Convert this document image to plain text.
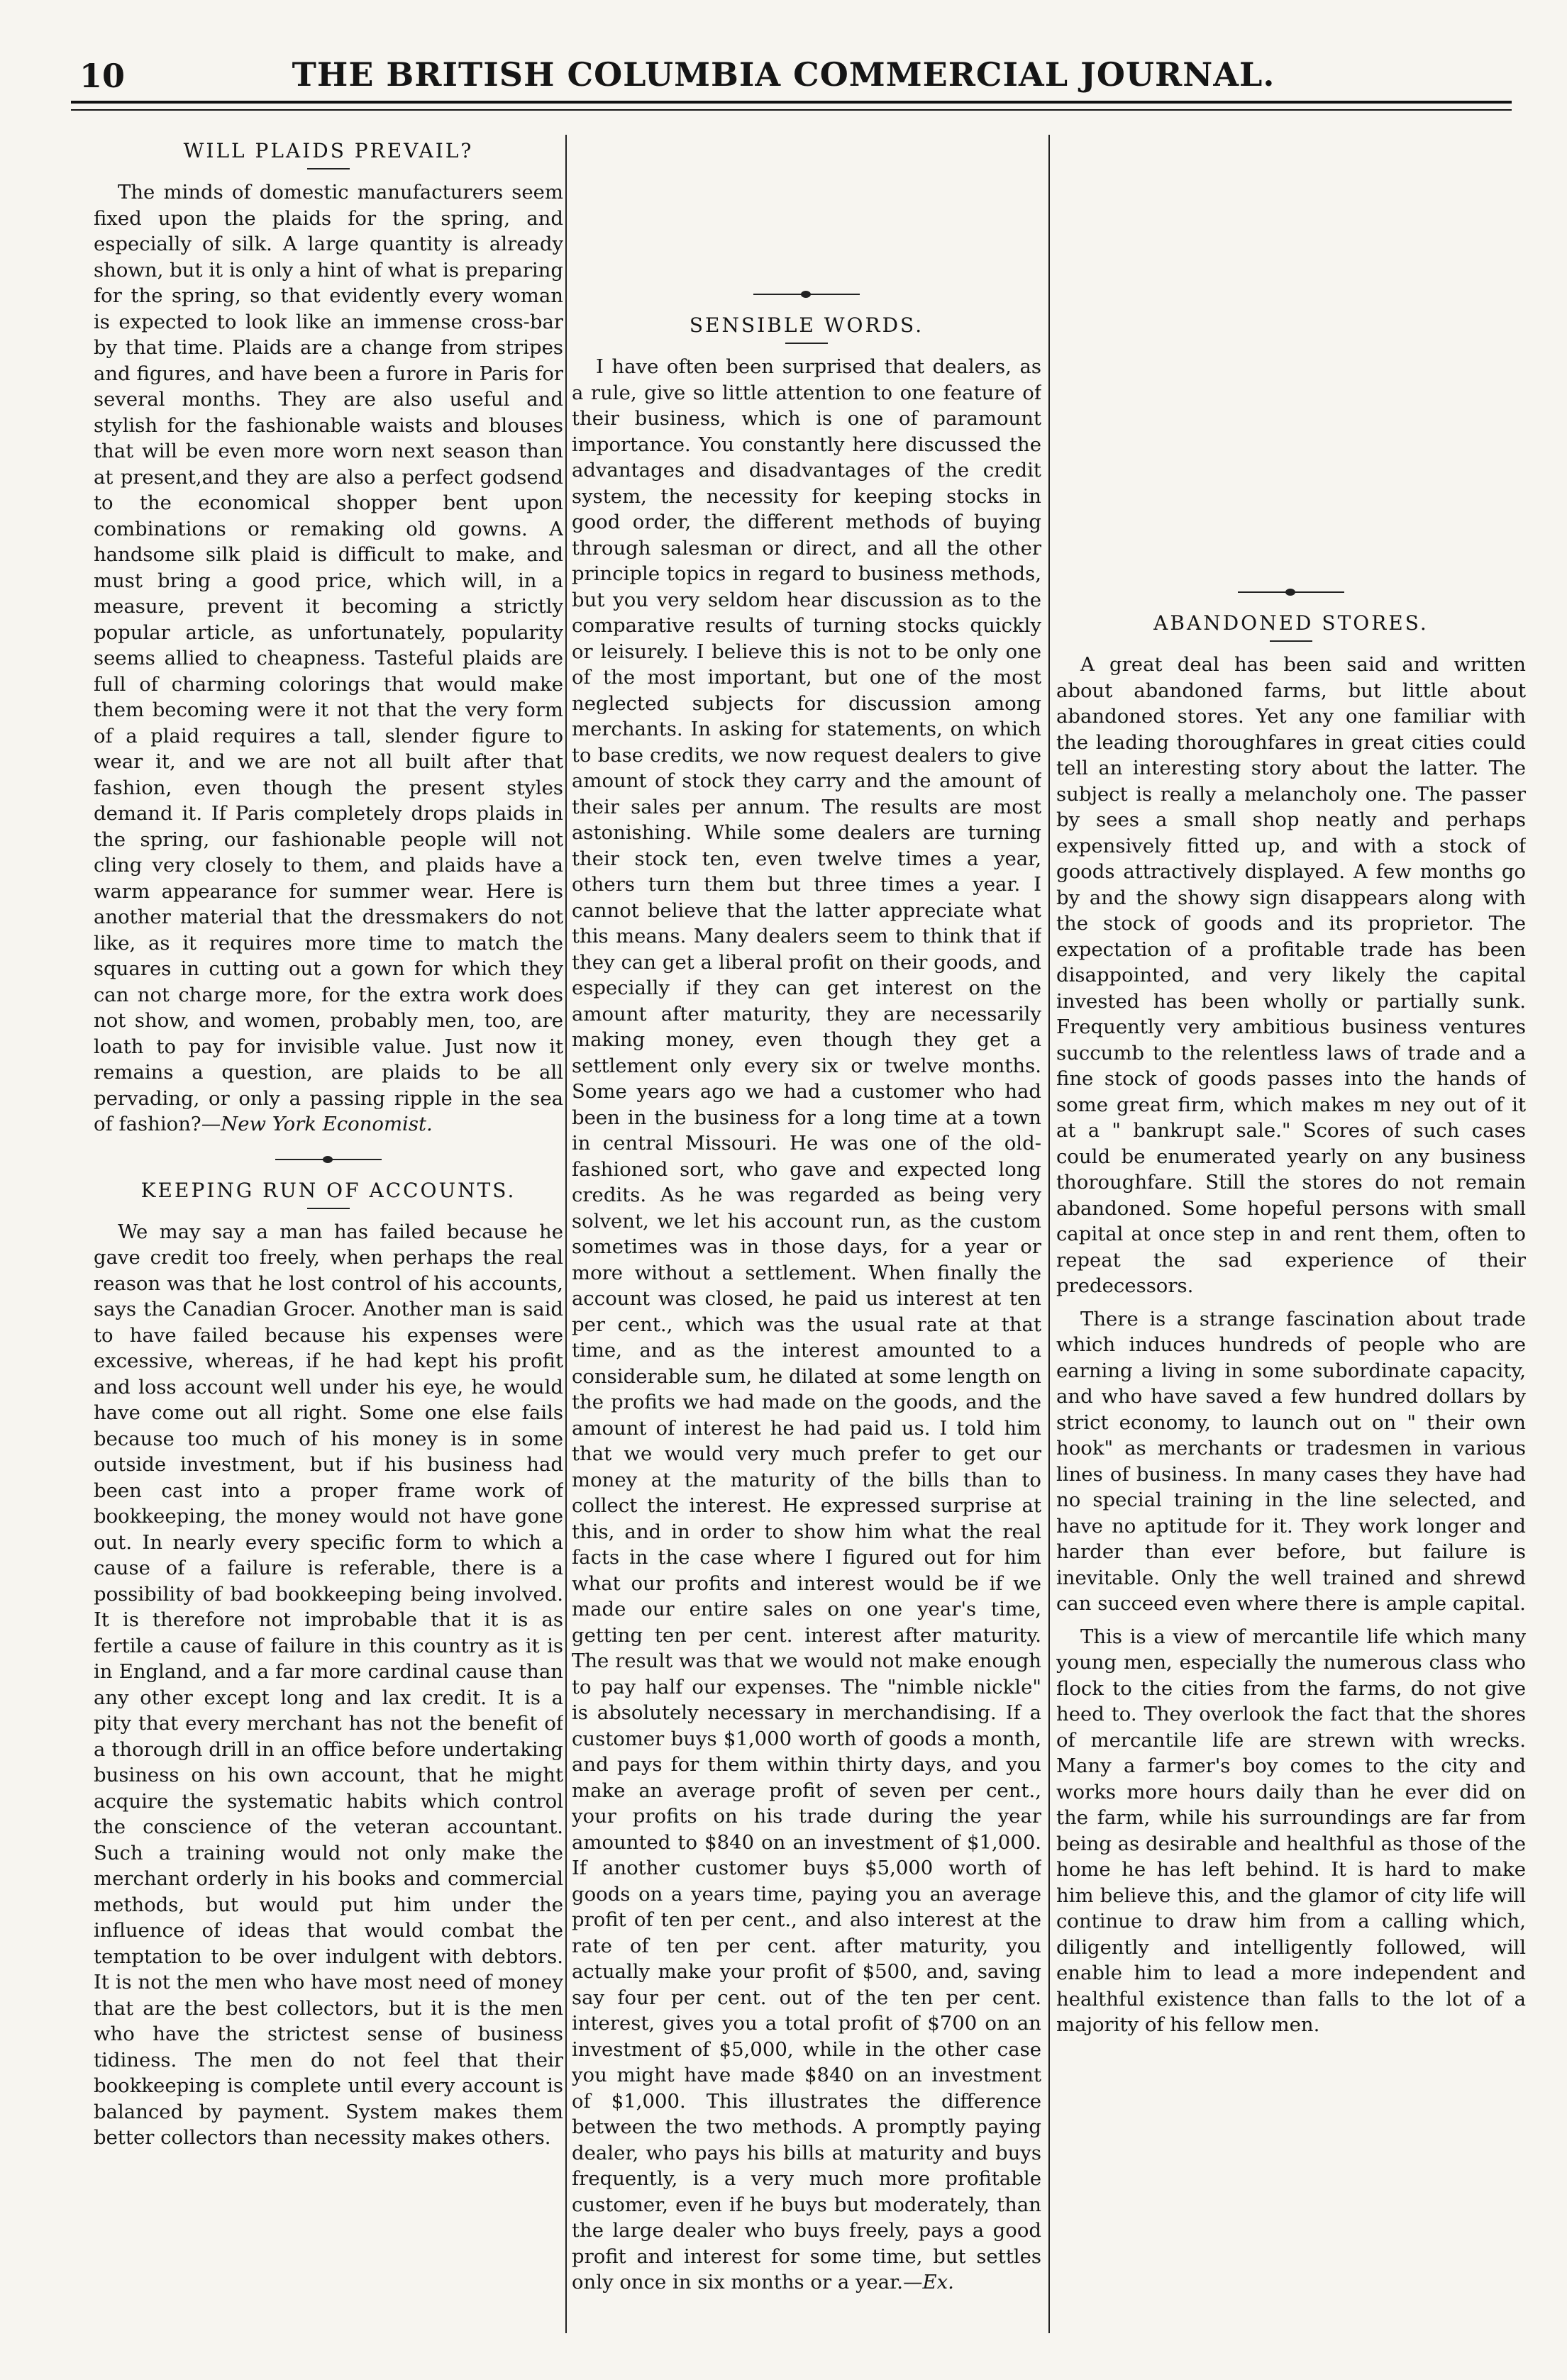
10	THE BRITISH COLUMBIA COMMERCIAL JOURNAL.
WILL PLAIDS PREVAIL?

The minds of domestic manufacturers seem fixed upon the plaids for the spring, and especially of silk. A large quantity is already shown, but it is only a hint of what is preparing for the spring, so that evidently every woman is expected to look like an immense cross-bar by that time. Plaids are a change from stripes and figures, and have been a furore in Paris for several months. They are also useful and stylish for the fashionable waists and blouses that will be even more worn next season than at present,and they are also a perfect godsend to the economical shopper bent upon combinations or remaking old gowns. A handsome silk plaid is difficult to make, and must bring a good price, which will, in a measure, prevent it becoming a strictly popular article, as unfortunately, popularity seems allied to cheapness. Tasteful plaids are full of charming colorings that would make them becoming were it not that the very form of a plaid requires a tall, slender figure to wear it, and we are not all built after that fashion, even though the present styles demand it. If Paris completely drops plaids in the spring, our fashionable people will not cling very closely to them, and plaids have a warm appearance for summer wear. Here is another material that the dressmakers do not like, as it requires more time to match the squares in cutting out a gown for which they can not charge more, for the extra work does not show, and women, probably men, too, are loath to pay for invisible value. Just now it remains a question, are plaids to be all pervading, or only a passing ripple in the sea of fashion?—New York Economist.

KEEPING RUN OF ACCOUNTS.

We may say a man has failed because he gave credit too freely, when perhaps the real reason was that he lost control of his accounts, says the Canadian Grocer. Another man is said to have failed because his expenses were excessive, whereas, if he had kept his profit and loss account well under his eye, he would have come out all right. Some one else fails because too much of his money is in some outside investment, but if his business had been cast into a proper frame work of bookkeeping, the money would not have gone out. In nearly every specific form to which a cause of a failure is referable, there is a possibility of bad bookkeeping being involved. It is therefore not improbable that it is as fertile a cause of failure in this country as it is in England, and a far more cardinal cause than any other except long and lax credit. It is a pity that every merchant has not the benefit of a thorough drill in an office before undertaking business on his own account, that he might acquire the systematic habits which control the conscience of the veteran accountant. Such a training would not only make the merchant orderly in his books and commercial methods, but would put him under the influence of ideas that would combat the temptation to be over indulgent with debtors. It is not the men who have most need of money that are the best collectors, but it is the men who have the strictest sense of business tidiness. The men do not feel that their bookkeeping is complete until every account is balanced by payment. System makes them better collectors than necessity makes others.

SENSIBLE WORDS.

I have often been surprised that dealers, as a rule, give so little attention to one feature of their business, which is one of paramount importance. You constantly here discussed the advantages and disadvantages of the credit system, the necessity for keeping stocks in good order, the different methods of buying through salesman or direct, and all the other principle topics in regard to business methods, but you very seldom hear discussion as to the comparative results of turning stocks quickly or leisurely. I believe this is not to be only one of the most important, but one of the most neglected subjects for discussion among merchants. In asking for statements, on which to base credits, we now request dealers to give amount of stock they carry and the amount of their sales per annum. The results are most astonishing. While some dealers are turning their stock ten, even twelve times a year, others turn them but three times a year. I cannot believe that the latter appreciate what this means. Many dealers seem to think that if they can get a liberal profit on their goods, and especially if they can get interest on the amount after maturity, they are necessarily making money, even though they get a settlement only every six or twelve months. Some years ago we had a customer who had been in the business for a long time at a town in central Missouri. He was one of the old-fashioned sort, who gave and expected long credits. As he was regarded as being very solvent, we let his account run, as the custom sometimes was in those days, for a year or more without a settlement. When finally the account was closed, he paid us interest at ten per cent., which was the usual rate at that time, and as the interest amounted to a considerable sum, he dilated at some length on the profits we had made on the goods, and the amount of interest he had paid us. I told him that we would very much prefer to get our money at the maturity of the bills than to collect the interest. He expressed surprise at this, and in order to show him what the real facts in the case where I figured out for him what our profits and interest would be if we made our entire sales on one year's time, getting ten per cent. interest after maturity. The result was that we would not make enough to pay half our expenses. The "nimble nickle" is absolutely necessary in merchandising. If a customer buys $1,000 worth of goods a month, and pays for them within thirty days, and you make an average profit of seven per cent., your profits on his trade during the year amounted to $840 on an investment of $1,000. If another customer buys $5,000 worth of goods on a years time, paying you an average profit of ten per cent., and also interest at the rate of ten per cent. after maturity, you actually make your profit of $500, and, saving say four per cent. out of the ten per cent. interest, gives you a total profit of $700 on an investment of $5,000, while in the other case you might have made $840 on an investment of $1,000. This illustrates the difference between the two methods. A promptly paying dealer, who pays his bills at maturity and buys frequently, is a very much more profitable customer, even if he buys but moderately, than the large dealer who buys freely, pays a good profit and interest for some time, but settles only once in six months or a year.—Ex.

ABANDONED STORES.

A great deal has been said and written about abandoned farms, but little about abandoned stores. Yet any one familiar with the leading thoroughfares in great cities could tell an interesting story about the latter. The subject is really a melancholy one. The passer by sees a small shop neatly and perhaps expensively fitted up, and with a stock of goods attractively displayed. A few months go by and the showy sign disappears along with the stock of goods and its proprietor. The expectation of a profitable trade has been disappointed, and very likely the capital invested has been wholly or partially sunk. Frequently very ambitious business ventures succumb to the relentless laws of trade and a fine stock of goods passes into the hands of some great firm, which makes m ney out of it at a " bankrupt sale." Scores of such cases could be enumerated yearly on any business thoroughfare. Still the stores do not remain abandoned. Some hopeful persons with small capital at once step in and rent them, often to repeat the sad experience of their predecessors.

There is a strange fascination about trade which induces hundreds of people who are earning a living in some subordinate capacity, and who have saved a few hundred dollars by strict economy, to launch out on " their own hook" as merchants or tradesmen in various lines of business. In many cases they have had no special training in the line selected, and have no aptitude for it. They work longer and harder than ever before, but failure is inevitable. Only the well trained and shrewd can succeed even where there is ample capital.

This is a view of mercantile life which many young men, especially the numerous class who flock to the cities from the farms, do not give heed to. They overlook the fact that the shores of mercantile life are strewn with wrecks. Many a farmer's boy comes to the city and works more hours daily than he ever did on the farm, while his surroundings are far from being as desirable and healthful as those of the home he has left behind. It is hard to make him believe this, and the glamor of city life will continue to draw him from a calling which, diligently and intelligently followed, will enable him to lead a more independent and healthful existence than falls to the lot of a majority of his fellow men.
